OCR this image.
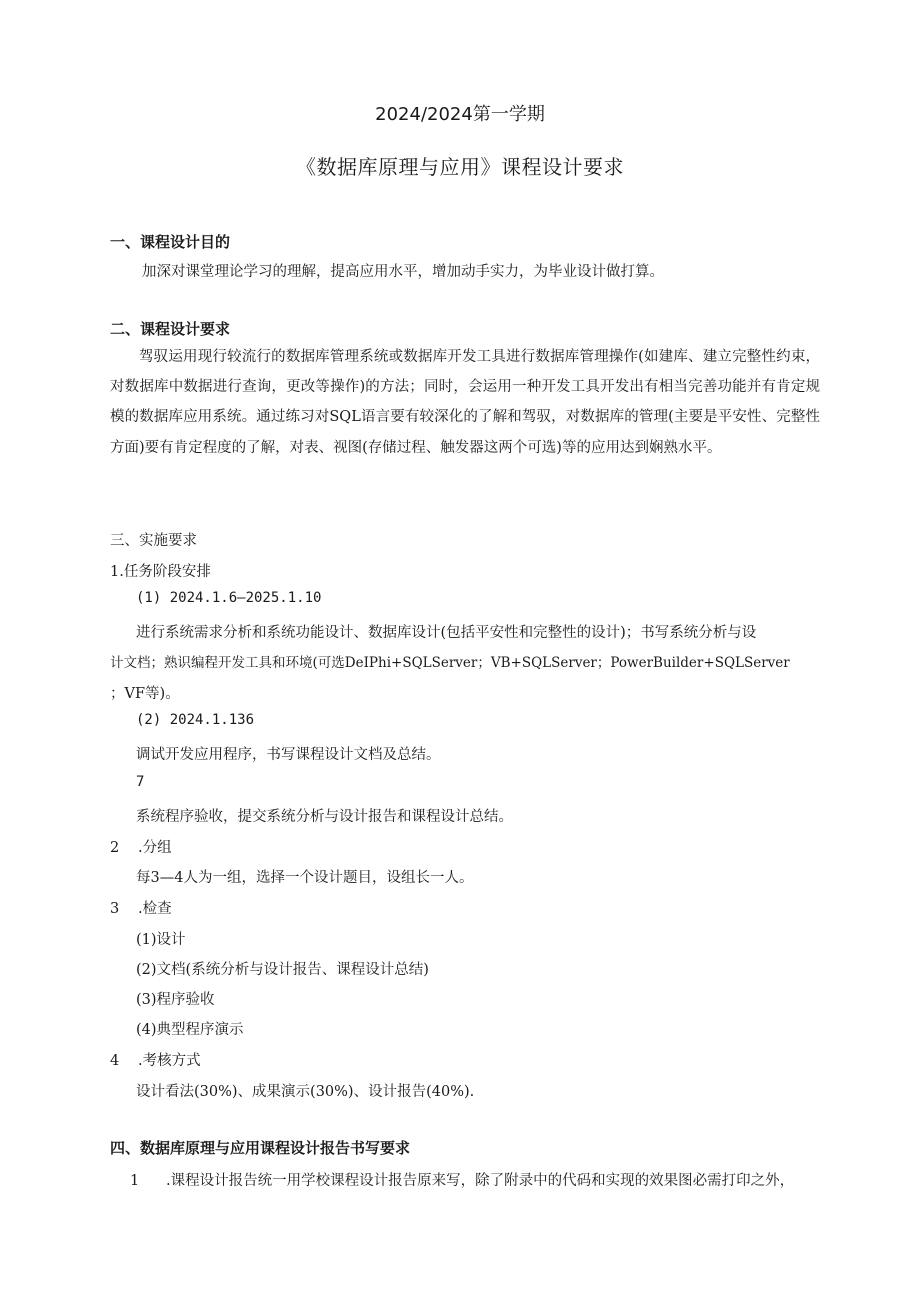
2024/2024第一学期
《数据库原理与应用》课程设计要求
一、课程设计目的
加深对课堂理论学习的理解，提高应用水平，增加动手实力，为毕业设计做打算。
二、课程设计要求
驾驭运用现行较流行的数据库管理系统或数据库开发工具进行数据库管理操作(如建库、建立完整性约束，对数据库中数据进行查询，更改等操作)的方法；同时，会运用一种开发工具开发出有相当完善功能并有肯定规模的数据库应用系统。通过练习对SQL语言要有较深化的了解和驾驭，对数据库的管理(主要是平安性、完整性方面)要有肯定程度的了解，对表、视图(存储过程、触发器这两个可选)等的应用达到娴熟水平。
三、实施要求
1.任务阶段安排
(1) 2024.1.6—2025.1.10
进行系统需求分析和系统功能设计、数据库设计(包括平安性和完整性的设计)；书写系统分析与设
计文档；熟识编程开发工具和环境(可选DeIPhi+SQLServer；VB+SQLServer；PowerBuilder+SQLServer
；VF等)。
(2) 2024.1.136
调试开发应用程序，书写课程设计文档及总结。
7
系统程序验收，提交系统分析与设计报告和课程设计总结。
2 .分组
每3—4人为一组，选择一个设计题目，设组长一人。
3 .检查
(1)设计
(2)文档(系统分析与设计报告、课程设计总结)
(3)程序验收
(4)典型程序演示
4 .考核方式
设计看法(30%)、成果演示(30%)、设计报告(40%).
四、数据库原理与应用课程设计报告书写要求
1 .课程设计报告统一用学校课程设计报告原来写，除了附录中的代码和实现的效果图必需打印之外，
